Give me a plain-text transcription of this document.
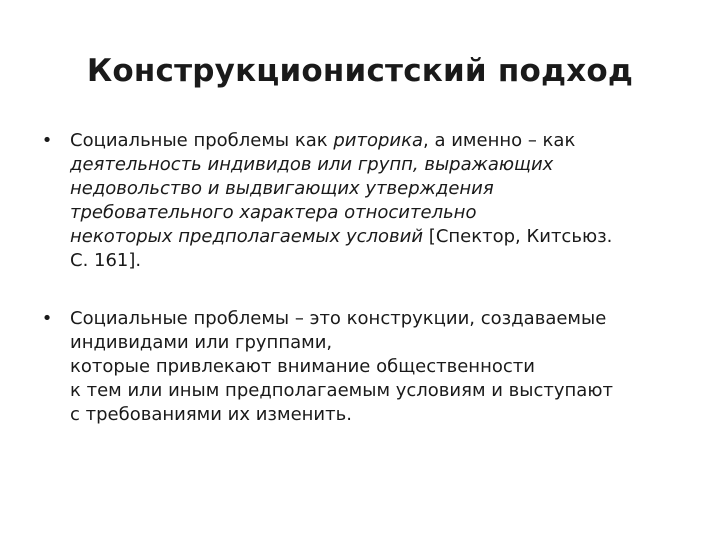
Конструкционистский подход
• Социальные проблемы как риторика, а именно – как
деятельность индивидов или групп, выражающих
недовольство и выдвигающих утверждения
требовательного характера относительно
некоторых предполагаемых условий [Спектор, Китсьюз.
С. 161].
• Социальные проблемы – это конструкции, создаваемые
индивидами или группами,
которые привлекают внимание общественности
к тем или иным предполагаемым условиям и выступают
с требованиями их изменить.
